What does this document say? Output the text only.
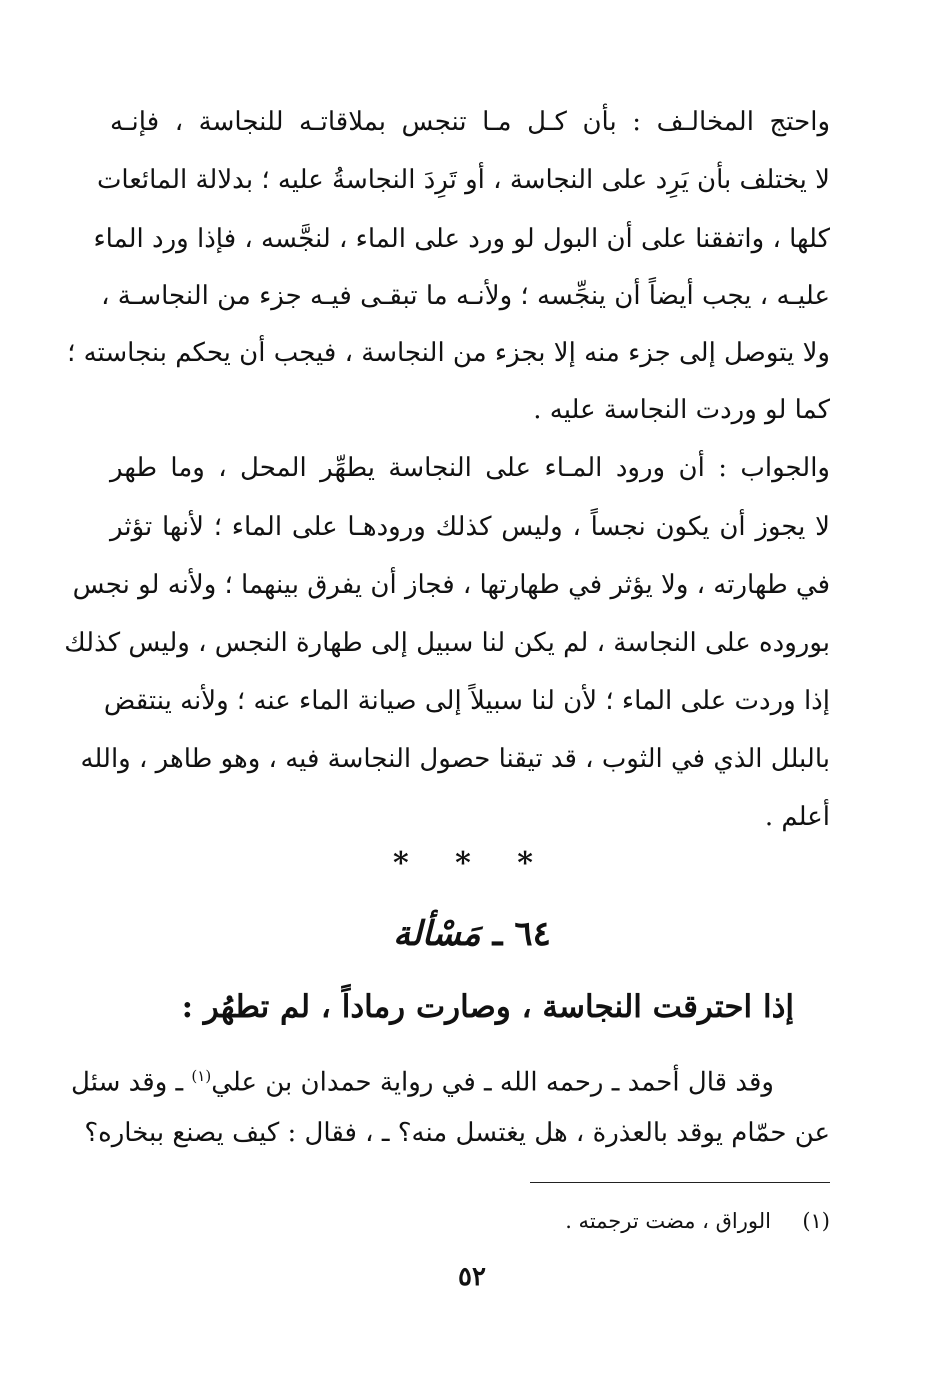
واحتج المخالـف : بأن كـل مـا تنجس بملاقاتـه للنجاسة ، فإنـه
لا يختلف بأن يَرِد على النجاسة ، أو تَرِدَ النجاسةُ عليه ؛ بدلالة المائعات
كلها ، واتفقنا على أن البول لو ورد على الماء ، لنجَّسه ، فإذا ورد الماء
عليـه ، يجب أيضاً أن ينجِّسه ؛ ولأنـه ما تبقـى فيـه جزء من النجاسـة ،
ولا يتوصل إلى جزء منه إلا بجزء من النجاسة ، فيجب أن يحكم بنجاسته ؛
كما لو وردت النجاسة عليه .
والجواب : أن ورود المـاء على النجاسة يطهِّر المحل ، وما طهر
لا يجوز أن يكون نجساً ، وليس كذلك ورودهـا على الماء ؛ لأنها تؤثر
في طهارته ، ولا يؤثر في طهارتها ، فجاز أن يفرق بينهما ؛ ولأنه لو نجس
بوروده على النجاسة ، لم يكن لنا سبيل إلى طهارة النجس ، وليس كذلك
إذا وردت على الماء ؛ لأن لنا سبيلاً إلى صيانة الماء عنه ؛ ولأنه ينتقض
بالبلل الذي في الثوب ، قد تيقنا حصول النجاسة فيه ، وهو طاهر ، والله
أعلم .
* * *
٦٤ ـ مَسْألة
إذا احترقت النجاسة ، وصارت رماداً ، لم تطهُر :
وقد قال أحمد ـ رحمه الله ـ في رواية حمدان بن علي$^{(١)}$ ـ وقد سئل
عن حمّام يوقد بالعذرة ، هل يغتسل منه؟ ـ ، فقال : كيف يصنع ببخاره؟
(١)  الوراق ، مضت ترجمته .
٥٢
